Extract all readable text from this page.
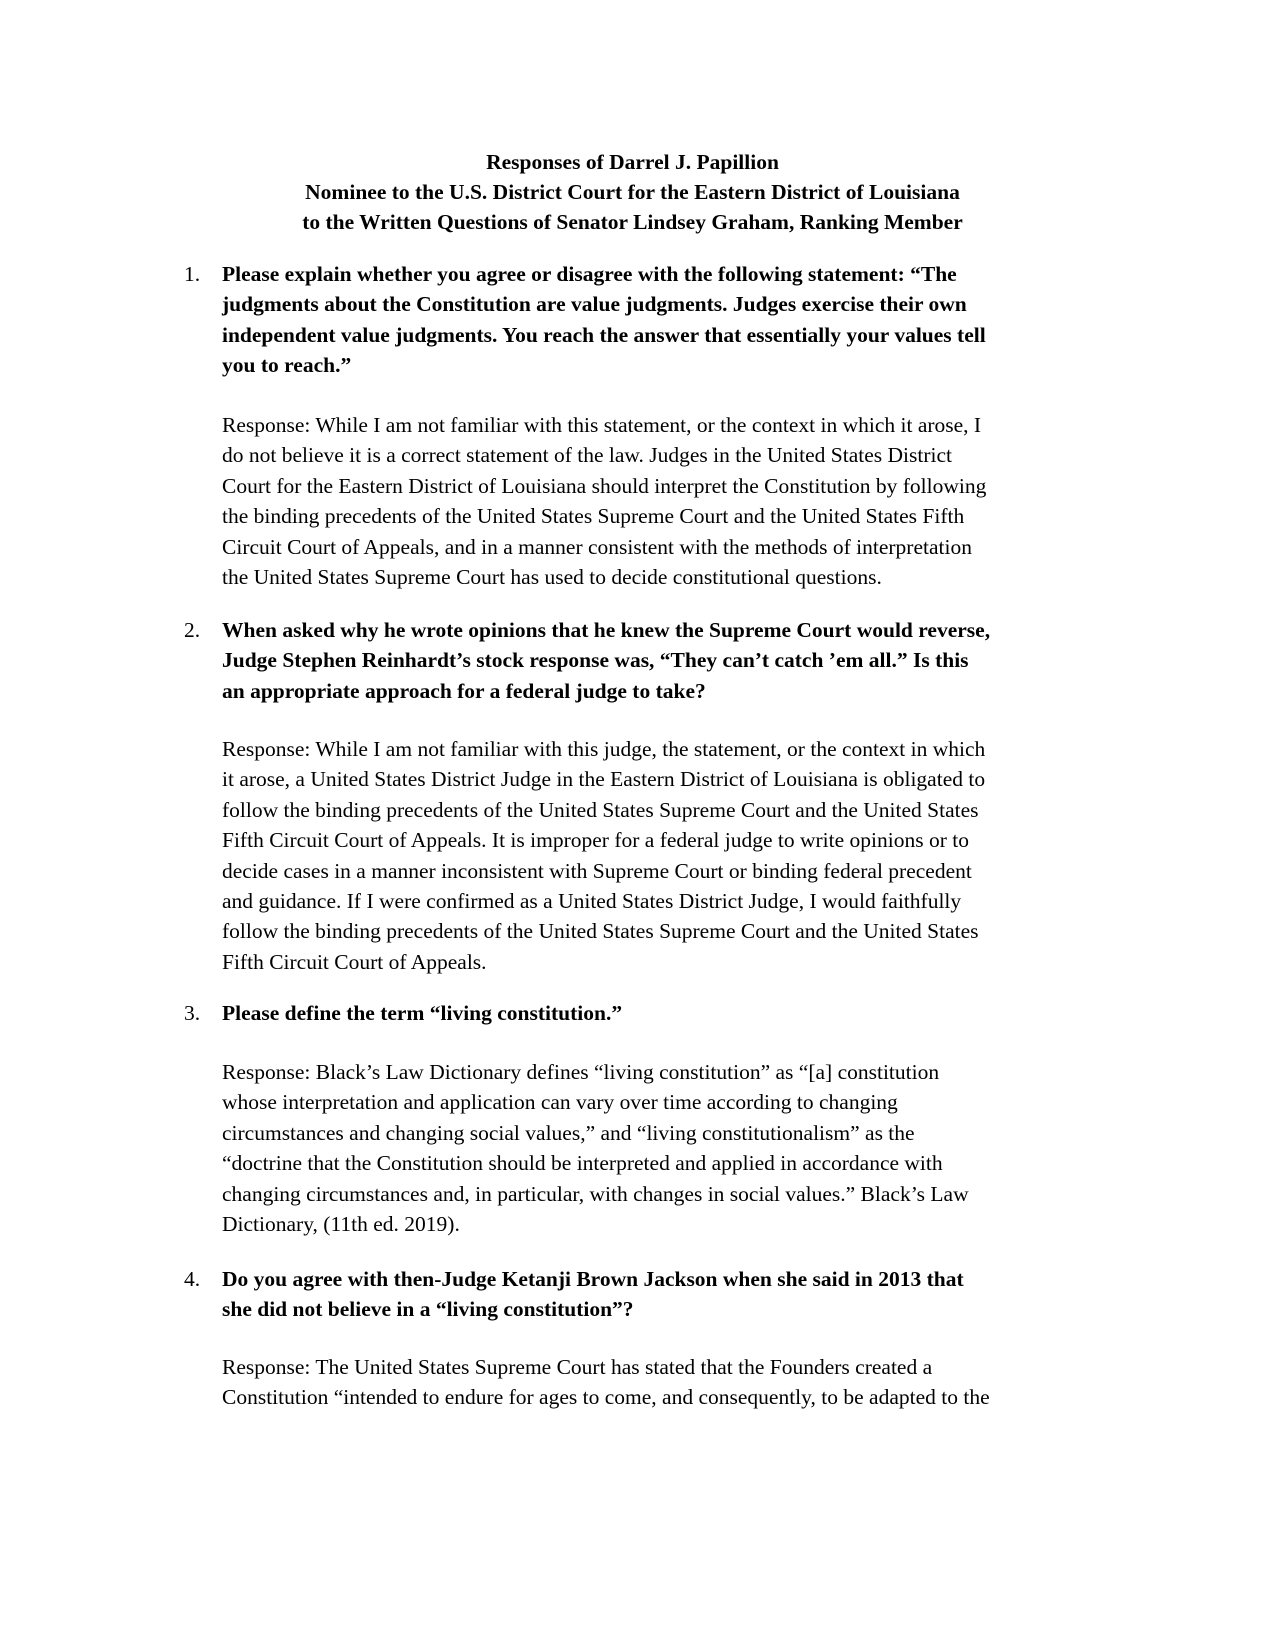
Responses of Darrel J. Papillion
Nominee to the U.S. District Court for the Eastern District of Louisiana
to the Written Questions of Senator Lindsey Graham, Ranking Member
1. Please explain whether you agree or disagree with the following statement: “The
judgments about the Constitution are value judgments. Judges exercise their own
independent value judgments. You reach the answer that essentially your values tell
you to reach.”
Response: While I am not familiar with this statement, or the context in which it arose, I
do not believe it is a correct statement of the law. Judges in the United States District
Court for the Eastern District of Louisiana should interpret the Constitution by following
the binding precedents of the United States Supreme Court and the United States Fifth
Circuit Court of Appeals, and in a manner consistent with the methods of interpretation
the United States Supreme Court has used to decide constitutional questions.
2. When asked why he wrote opinions that he knew the Supreme Court would reverse,
Judge Stephen Reinhardt’s stock response was, “They can’t catch ’em all.” Is this
an appropriate approach for a federal judge to take?
Response: While I am not familiar with this judge, the statement, or the context in which
it arose, a United States District Judge in the Eastern District of Louisiana is obligated to
follow the binding precedents of the United States Supreme Court and the United States
Fifth Circuit Court of Appeals. It is improper for a federal judge to write opinions or to
decide cases in a manner inconsistent with Supreme Court or binding federal precedent
and guidance. If I were confirmed as a United States District Judge, I would faithfully
follow the binding precedents of the United States Supreme Court and the United States
Fifth Circuit Court of Appeals.
3. Please define the term “living constitution.”
Response: Black’s Law Dictionary defines “living constitution” as “[a] constitution
whose interpretation and application can vary over time according to changing
circumstances and changing social values,” and “living constitutionalism” as the
“doctrine that the Constitution should be interpreted and applied in accordance with
changing circumstances and, in particular, with changes in social values.” Black’s Law
Dictionary, (11th ed. 2019).
4. Do you agree with then-Judge Ketanji Brown Jackson when she said in 2013 that
she did not believe in a “living constitution”?
Response: The United States Supreme Court has stated that the Founders created a
Constitution “intended to endure for ages to come, and consequently, to be adapted to the
